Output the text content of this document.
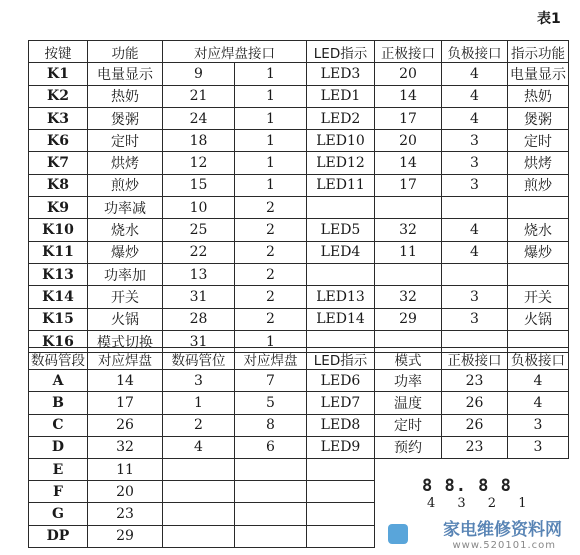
表1
按键	功能	对应焊盘接口		LED指示	正极接口	负极接口	指示功能
K1	电量显示	9	1	LED3	20	4	电量显示
K2	热奶	21	1	LED1	14	4	热奶
K3	煲粥	24	1	LED2	17	4	煲粥
K6	定时	18	1	LED10	20	3	定时
K7	烘烤	12	1	LED12	14	3	烘烤
K8	煎炒	15	1	LED11	17	3	煎炒
K9	功率减	10	2				
K10	烧水	25	2	LED5	32	4	烧水
K11	爆炒	22	2	LED4	11	4	爆炒
K13	功率加	13	2				
K14	开关	31	2	LED13	32	3	开关
K15	火锅	28	2	LED14	29	3	火锅
K16	模式切换	31	1				
数码管段	对应焊盘	数码管位	对应焊盘	LED指示	模式	正极接口	负极接口
A	14	3	7	LED6	功率	23	4
B	17	1	5	LED7	温度	26	4
C	26	2	8	LED8	定时	26	3
D	32	4	6	LED9	预约	23	3
E	11						
F	20						
G	23						
DP	29						
8 8. 8 8
4 3 2 1
家电维修资料网
www.520101.com
